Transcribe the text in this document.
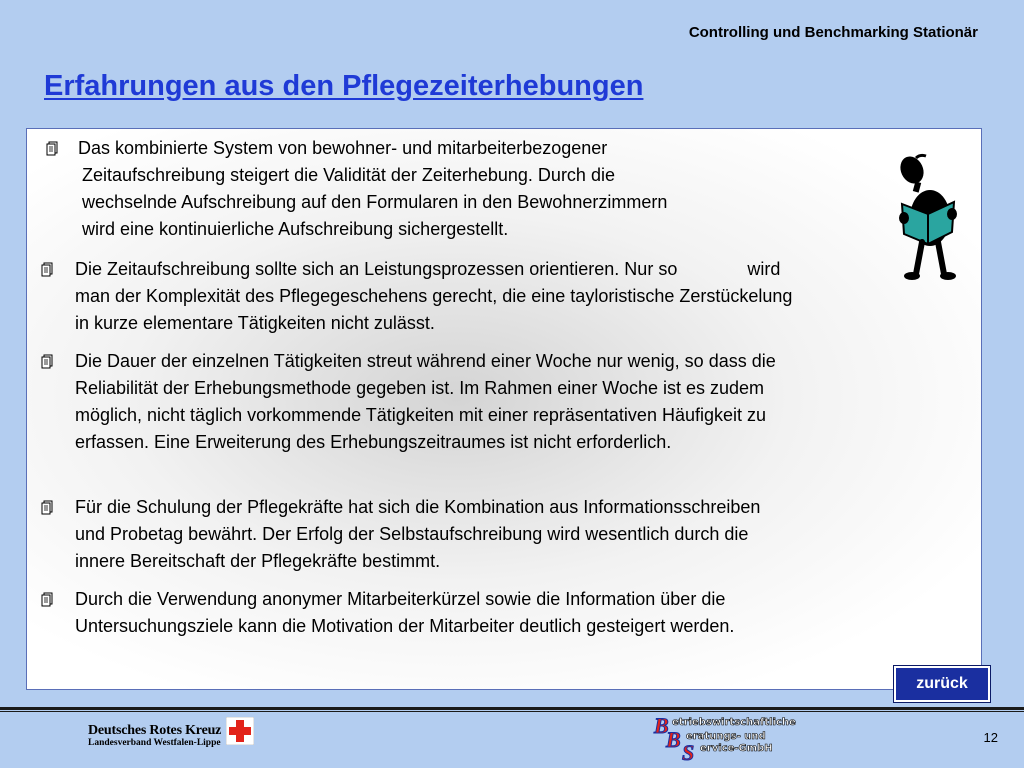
Controlling und Benchmarking Stationär
Erfahrungen aus den Pflegezeiterhebungen
Das kombinierte System von bewohner- und mitarbeiterbezogener
Zeitaufschreibung steigert die Validität der Zeiterhebung. Durch die
wechselnde Aufschreibung auf den Formularen in den Bewohnerzimmern
wird eine kontinuierliche Aufschreibung sichergestellt.
Die Zeitaufschreibung sollte sich an Leistungsprozessen orientieren. Nur so              wird
man der Komplexität des Pflegegeschehens gerecht, die eine tayloristische Zerstückelung
in kurze elementare Tätigkeiten nicht zulässt.
Die Dauer der einzelnen Tätigkeiten streut während einer Woche nur wenig, so dass die
Reliabilität der Erhebungsmethode gegeben ist. Im Rahmen einer Woche ist es zudem
möglich, nicht täglich vorkommende Tätigkeiten mit einer repräsentativen Häufigkeit zu
erfassen. Eine Erweiterung des Erhebungszeitraumes ist nicht erforderlich.
Für die Schulung der Pflegekräfte hat sich die Kombination aus Informationsschreiben
und Probetag bewährt. Der Erfolg der Selbstaufschreibung wird wesentlich durch die
innere Bereitschaft der Pflegekräfte bestimmt.
Durch die Verwendung anonymer Mitarbeiterkürzel sowie die Information über die
Untersuchungsziele kann die Motivation der Mitarbeiter deutlich gesteigert werden.
zurück
Deutsches Rotes Kreuz
Landesverband Westfalen-Lippe
B
B
S
etriebswirtschaftliche
eratungs- und
ervice-GmbH
12
